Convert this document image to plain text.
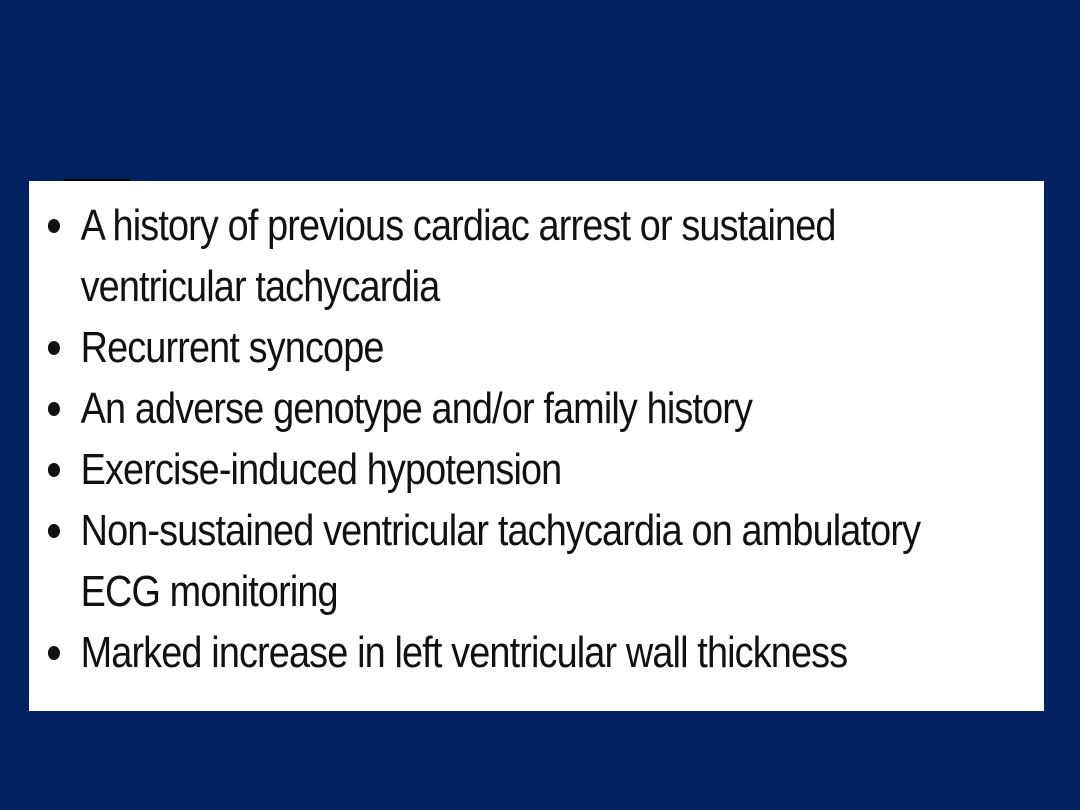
A history of previous cardiac arrest or sustained ventricular tachycardia
Recurrent syncope
An adverse genotype and/or family history
Exercise-induced hypotension
Non-sustained ventricular tachycardia on ambulatory ECG monitoring
Marked increase in left ventricular wall thickness
